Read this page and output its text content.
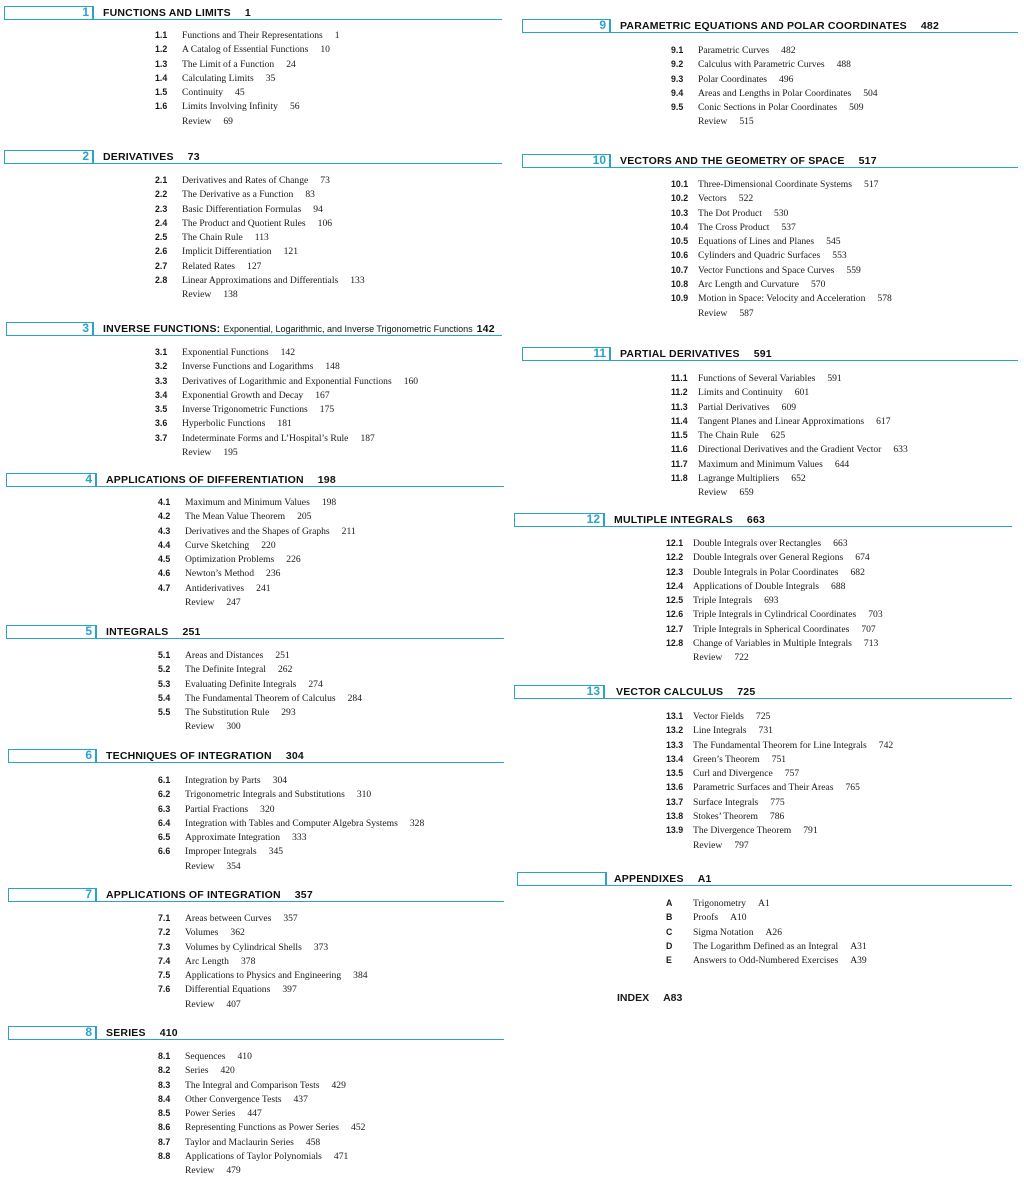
1 FUNCTIONS AND LIMITS 1
1.1	Functions and Their Representations 1
1.2	A Catalog of Essential Functions 10
1.3	The Limit of a Function 24
1.4	Calculating Limits 35
1.5	Continuity 45
1.6	Limits Involving Infinity 56
Review 69
2 DERIVATIVES 73
2.1	Derivatives and Rates of Change 73
2.2	The Derivative as a Function 83
2.3	Basic Differentiation Formulas 94
2.4	The Product and Quotient Rules 106
2.5	The Chain Rule 113
2.6	Implicit Differentiation 121
2.7	Related Rates 127
2.8	Linear Approximations and Differentials 133
Review 138
3 INVERSE FUNCTIONS: Exponential, Logarithmic, and Inverse Trigonometric Functions 142
3.1	Exponential Functions 142
3.2	Inverse Functions and Logarithms 148
3.3	Derivatives of Logarithmic and Exponential Functions 160
3.4	Exponential Growth and Decay 167
3.5	Inverse Trigonometric Functions 175
3.6	Hyperbolic Functions 181
3.7	Indeterminate Forms and L’Hospital’s Rule 187
Review 195
4 APPLICATIONS OF DIFFERENTIATION 198
4.1	Maximum and Minimum Values 198
4.2	The Mean Value Theorem 205
4.3	Derivatives and the Shapes of Graphs 211
4.4	Curve Sketching 220
4.5	Optimization Problems 226
4.6	Newton’s Method 236
4.7	Antiderivatives 241
Review 247
5 INTEGRALS 251
5.1	Areas and Distances 251
5.2	The Definite Integral 262
5.3	Evaluating Definite Integrals 274
5.4	The Fundamental Theorem of Calculus 284
5.5	The Substitution Rule 293
Review 300
6 TECHNIQUES OF INTEGRATION 304
6.1	Integration by Parts 304
6.2	Trigonometric Integrals and Substitutions 310
6.3	Partial Fractions 320
6.4	Integration with Tables and Computer Algebra Systems 328
6.5	Approximate Integration 333
6.6	Improper Integrals 345
Review 354
7 APPLICATIONS OF INTEGRATION 357
7.1	Areas between Curves 357
7.2	Volumes 362
7.3	Volumes by Cylindrical Shells 373
7.4	Arc Length 378
7.5	Applications to Physics and Engineering 384
7.6	Differential Equations 397
Review 407
8 SERIES 410
8.1	Sequences 410
8.2	Series 420
8.3	The Integral and Comparison Tests 429
8.4	Other Convergence Tests 437
8.5	Power Series 447
8.6	Representing Functions as Power Series 452
8.7	Taylor and Maclaurin Series 458
8.8	Applications of Taylor Polynomials 471
Review 479
9 PARAMETRIC EQUATIONS AND POLAR COORDINATES 482
9.1	Parametric Curves 482
9.2	Calculus with Parametric Curves 488
9.3	Polar Coordinates 496
9.4	Areas and Lengths in Polar Coordinates 504
9.5	Conic Sections in Polar Coordinates 509
Review 515
10 VECTORS AND THE GEOMETRY OF SPACE 517
10.1	Three-Dimensional Coordinate Systems 517
10.2	Vectors 522
10.3	The Dot Product 530
10.4	The Cross Product 537
10.5	Equations of Lines and Planes 545
10.6	Cylinders and Quadric Surfaces 553
10.7	Vector Functions and Space Curves 559
10.8	Arc Length and Curvature 570
10.9	Motion in Space: Velocity and Acceleration 578
Review 587
11 PARTIAL DERIVATIVES 591
11.1	Functions of Several Variables 591
11.2	Limits and Continuity 601
11.3	Partial Derivatives 609
11.4	Tangent Planes and Linear Approximations 617
11.5	The Chain Rule 625
11.6	Directional Derivatives and the Gradient Vector 633
11.7	Maximum and Minimum Values 644
11.8	Lagrange Multipliers 652
Review 659
12 MULTIPLE INTEGRALS 663
12.1	Double Integrals over Rectangles 663
12.2	Double Integrals over General Regions 674
12.3	Double Integrals in Polar Coordinates 682
12.4	Applications of Double Integrals 688
12.5	Triple Integrals 693
12.6	Triple Integrals in Cylindrical Coordinates 703
12.7	Triple Integrals in Spherical Coordinates 707
12.8	Change of Variables in Multiple Integrals 713
Review 722
13 VECTOR CALCULUS 725
13.1	Vector Fields 725
13.2	Line Integrals 731
13.3	The Fundamental Theorem for Line Integrals 742
13.4	Green’s Theorem 751
13.5	Curl and Divergence 757
13.6	Parametric Surfaces and Their Areas 765
13.7	Surface Integrals 775
13.8	Stokes’ Theorem 786
13.9	The Divergence Theorem 791
Review 797
APPENDIXES A1
A	Trigonometry A1
B	Proofs A10
C	Sigma Notation A26
D	The Logarithm Defined as an Integral A31
E	Answers to Odd-Numbered Exercises A39
INDEX A83
